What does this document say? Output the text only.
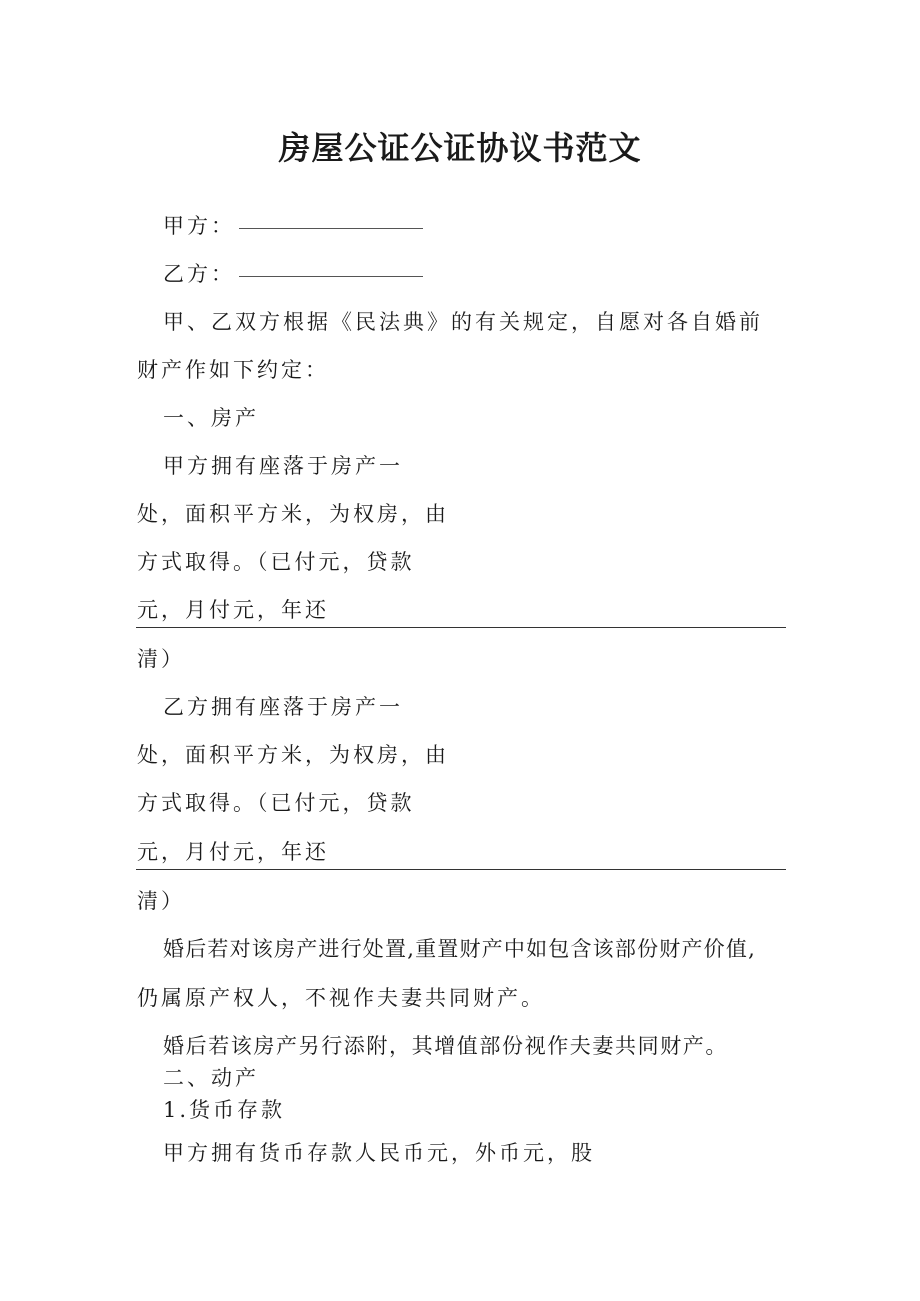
房屋公证公证协议书范文
甲方：
乙方：
甲、乙双方根据《民法典》的有关规定，自愿对各自婚前
财产作如下约定：
一、房产
甲方拥有座落于房产一
处，面积平方米，为权房，由
方式取得。（已付元，贷款
元，月付元，年还
清）
乙方拥有座落于房产一
处，面积平方米，为权房，由
方式取得。（已付元，贷款
元，月付元，年还
清）
婚后若对该房产进行处置,重置财产中如包含该部份财产价值,
仍属原产权人，不视作夫妻共同财产。
婚后若该房产另行添附，其增值部份视作夫妻共同财产。
二、动产
1.货币存款
甲方拥有货币存款人民币元，外币元，股
